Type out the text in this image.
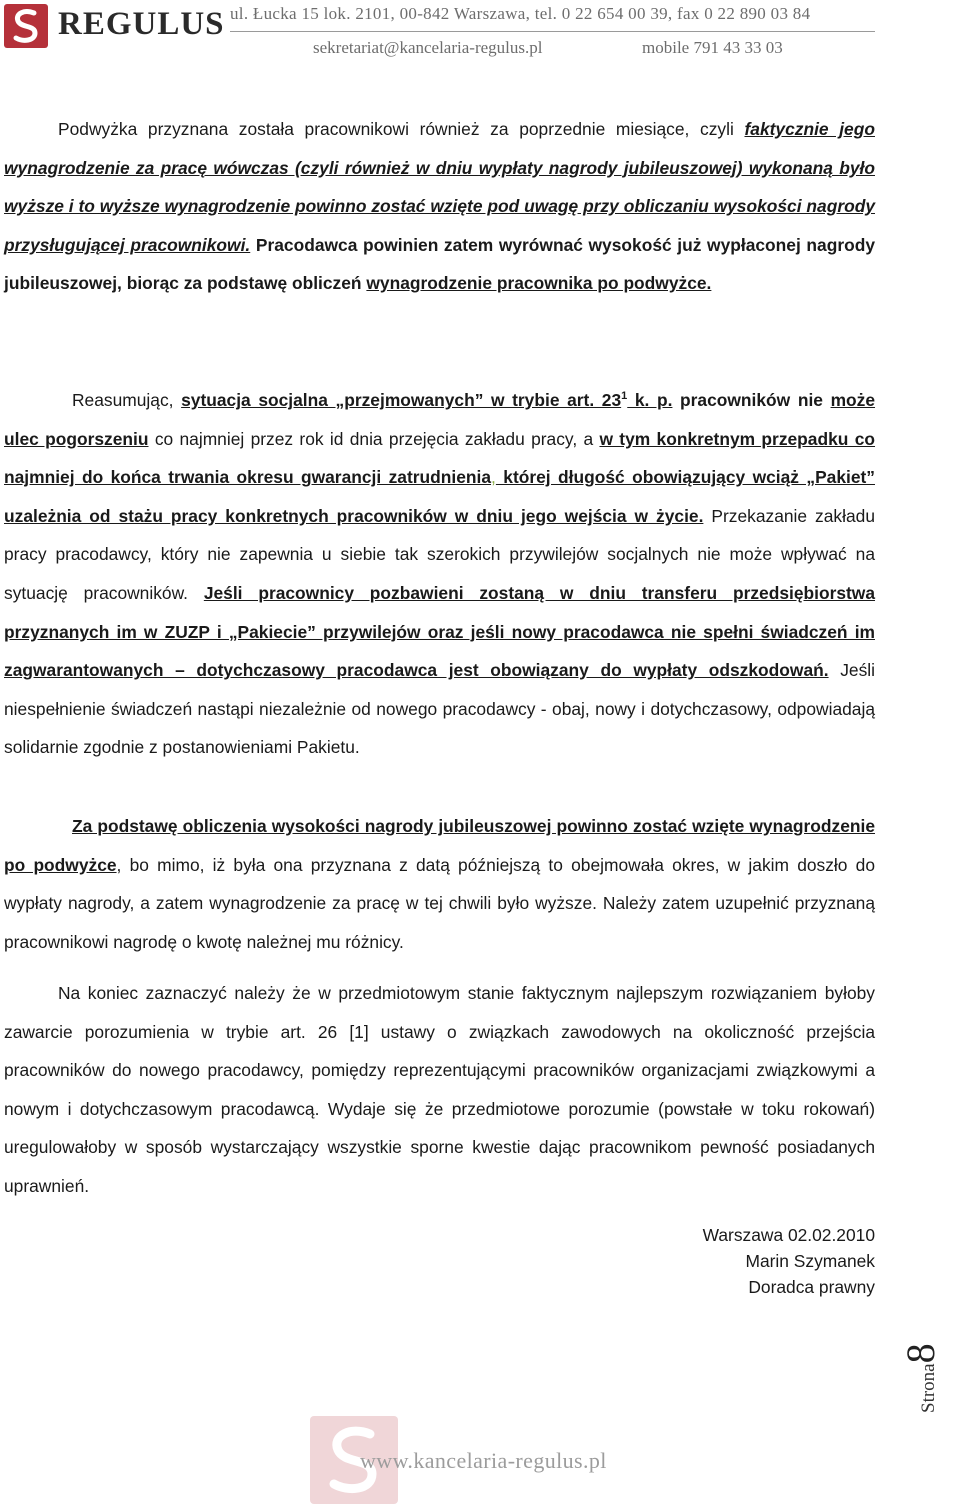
REGULUS ul. Łucka 15 lok. 2101, 00-842 Warszawa, tel. 0 22 654 00 39, fax 0 22 890 03 84
sekretariat@kancelaria-regulus.pl	mobile 791 43 33 03
Podwyżka przyznana została pracownikowi również za poprzednie miesiące, czyli faktycznie jego wynagrodzenie za pracę wówczas (czyli również w dniu wypłaty nagrody jubileuszowej) wykonaną było wyższe i to wyższe wynagrodzenie powinno zostać wzięte pod uwagę przy obliczaniu wysokości nagrody przysługującej pracownikowi. Pracodawca powinien zatem wyrównać wysokość już wypłaconej nagrody jubileuszowej, biorąc za podstawę obliczeń wynagrodzenie pracownika po podwyżce.
Reasumując, sytuacja socjalna „przejmowanych” w trybie art. $23^1$ k. p. pracowników nie może ulec pogorszeniu co najmniej przez rok id dnia przejęcia zakładu pracy, a w tym konkretnym przepadku co najmniej do końca trwania okresu gwarancji zatrudnienia, której długość obowiązujący wciąż „Pakiet” uzależnia od stażu pracy konkretnych pracowników w dniu jego wejścia w życie. Przekazanie zakładu pracy pracodawcy, który nie zapewnia u siebie tak szerokich przywilejów socjalnych nie może wpływać na sytuację pracowników. Jeśli pracownicy pozbawieni zostaną w dniu transferu przedsiębiorstwa przyznanych im w ZUZP i „Pakiecie” przywilejów oraz jeśli nowy pracodawca nie spełni świadczeń im zagwarantowanych – dotychczasowy pracodawca jest obowiązany do wypłaty odszkodowań. Jeśli niespełnienie świadczeń nastąpi niezależnie od nowego pracodawcy - obaj, nowy i dotychczasowy, odpowiadają solidarnie zgodnie z postanowieniami Pakietu.
Za podstawę obliczenia wysokości nagrody jubileuszowej powinno zostać wzięte wynagrodzenie po podwyżce, bo mimo, iż była ona przyznana z datą późniejszą to obejmowała okres, w jakim doszło do wypłaty nagrody, a zatem wynagrodzenie za pracę w tej chwili było wyższe. Należy zatem uzupełnić przyznaną pracownikowi nagrodę o kwotę należnej mu różnicy.
Na koniec zaznaczyć należy że w przedmiotowym stanie faktycznym najlepszym rozwiązaniem byłoby zawarcie porozumienia w trybie art. 26 [1] ustawy o związkach zawodowych na okoliczność przejścia pracowników do nowego pracodawcy, pomiędzy reprezentującymi pracowników organizacjami związkowymi a nowym i dotychczasowym pracodawcą. Wydaje się że przedmiotowe porozumie (powstałe w toku rokowań) uregulowałoby w sposób wystarczający wszystkie sporne kwestie dając pracownikom pewność posiadanych uprawnień.
Warszawa 02.02.2010
Marin Szymanek
Doradca prawny
Strona8
www.kancelaria-regulus.pl
